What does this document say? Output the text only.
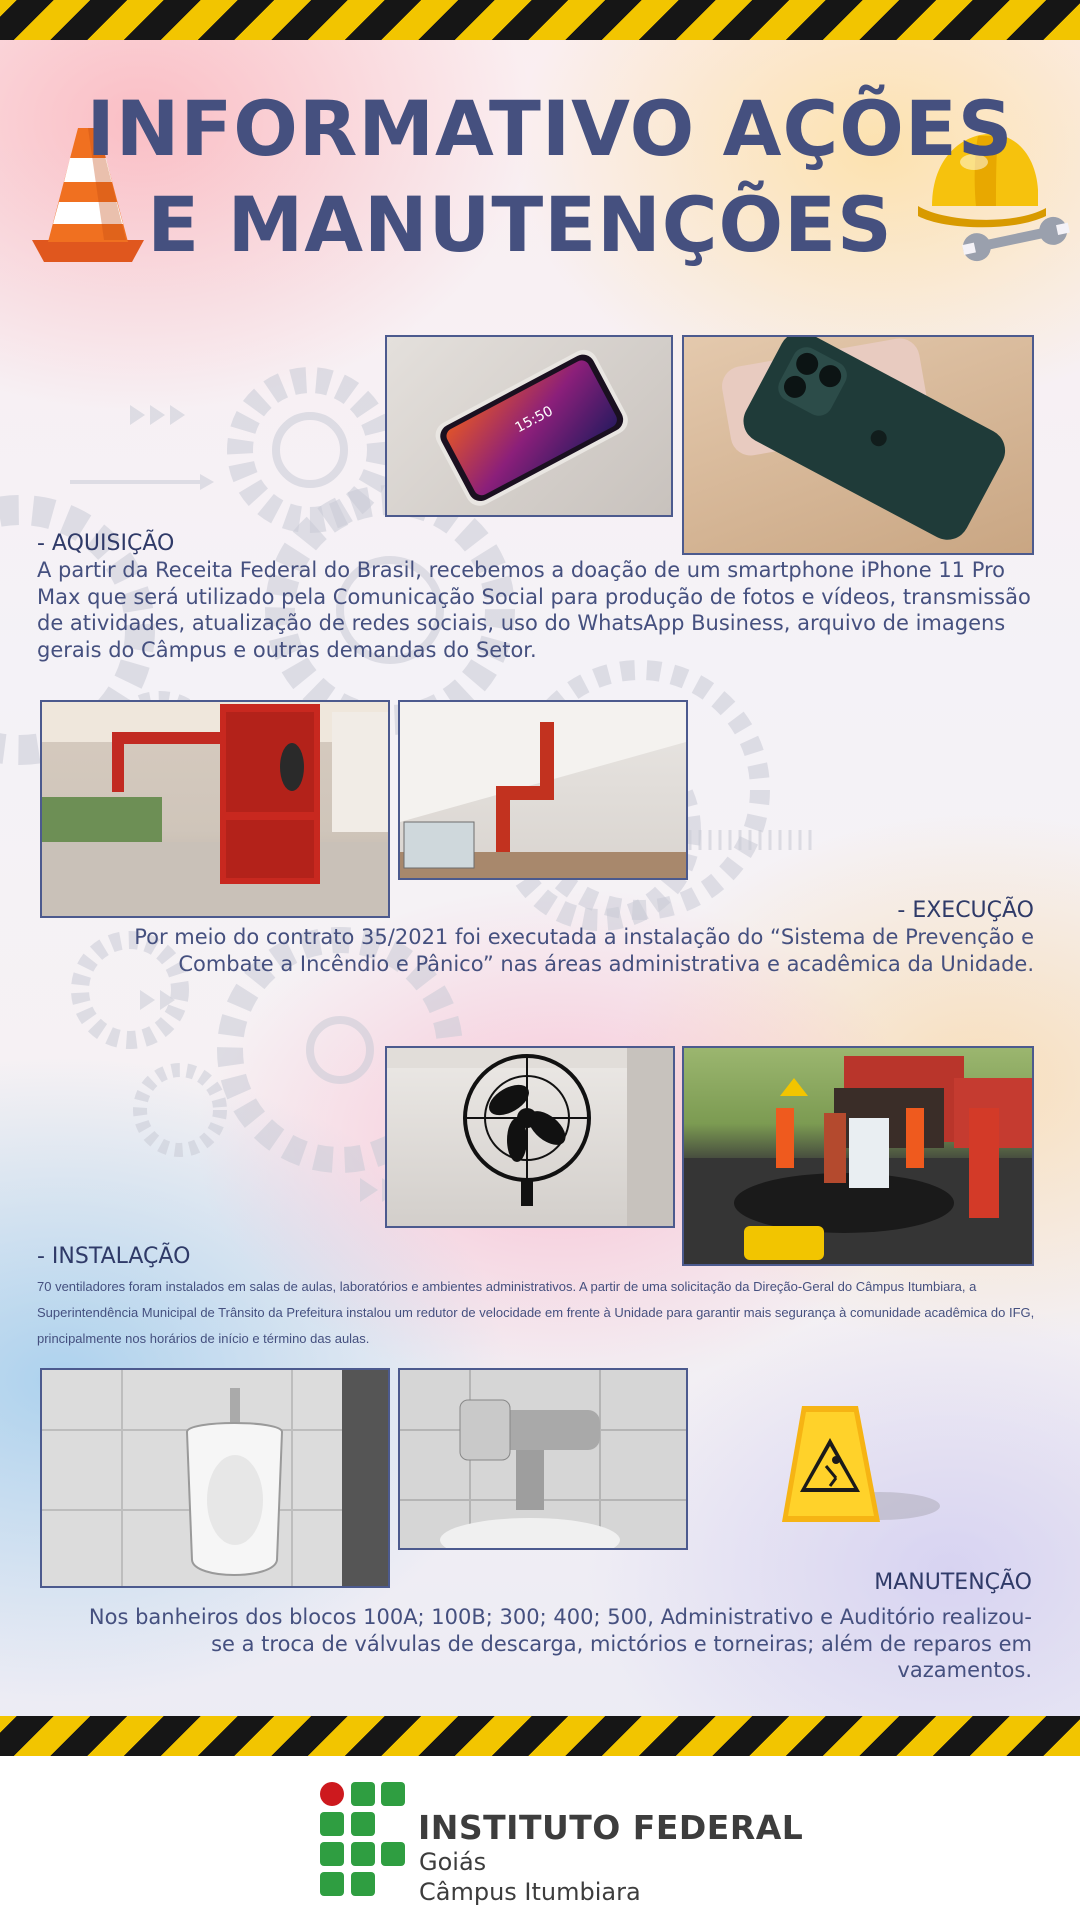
INFORMATIVO AÇÕES
E MANUTENÇÕES
15:50
- AQUISIÇÃO
A partir da Receita Federal do Brasil, recebemos a doação de um smartphone iPhone 11 Pro Max que será utilizado pela Comunicação Social para produção de fotos e vídeos, transmissão de atividades, atualização de redes sociais, uso do WhatsApp Business, arquivo de imagens gerais do Câmpus e outras demandas do Setor.
- EXECUÇÃO
Por meio do contrato 35/2021 foi executada a instalação do “Sistema de Prevenção e Combate a Incêndio e Pânico” nas áreas administrativa e acadêmica da Unidade.
- INSTALAÇÃO
70 ventiladores foram instalados em salas de aulas, laboratórios e ambientes administrativos. A partir de uma solicitação da Direção-Geral do Câmpus Itumbiara, a Superintendência Municipal de Trânsito da Prefeitura instalou um redutor de velocidade em frente à Unidade para garantir mais segurança à comunidade acadêmica do IFG, principalmente nos horários de início e término das aulas.
MANUTENÇÃO
Nos banheiros dos blocos 100A; 100B; 300; 400; 500, Administrativo e Auditório realizou-se a troca de válvulas de descarga, mictórios e torneiras; além de reparos em vazamentos.
INSTITUTO FEDERAL
Goiás
Câmpus Itumbiara
